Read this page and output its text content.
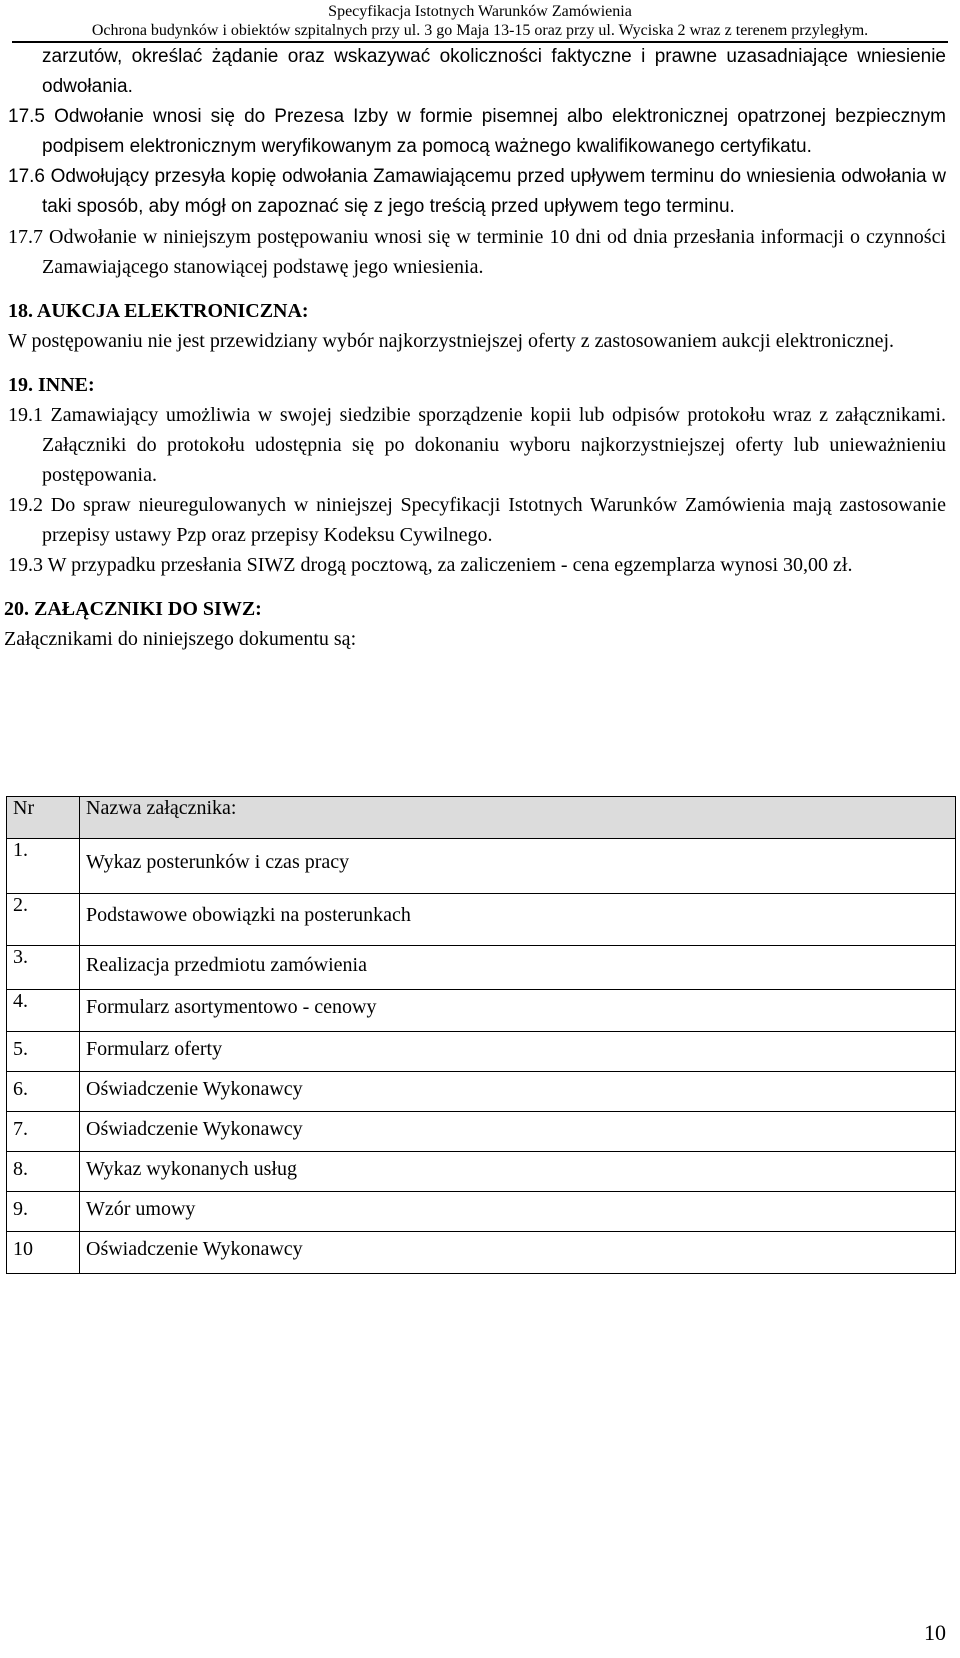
Specyfikacja Istotnych Warunków Zamówienia
Ochrona budynków i obiektów szpitalnych przy ul. 3 go Maja 13-15 oraz przy ul. Wyciska 2 wraz z terenem przyległym.
zarzutów, określać żądanie oraz wskazywać okoliczności faktyczne i prawne uzasadniające wniesienie odwołania.
17.5 Odwołanie wnosi się do Prezesa Izby w formie pisemnej albo elektronicznej opatrzonej bezpiecznym podpisem elektronicznym weryfikowanym za pomocą ważnego kwalifikowanego certyfikatu.
17.6 Odwołujący przesyła kopię odwołania Zamawiającemu przed upływem terminu do wniesienia odwołania w taki sposób, aby mógł on zapoznać się z jego treścią przed upływem tego terminu.
17.7 Odwołanie w niniejszym postępowaniu wnosi się w terminie 10 dni od dnia przesłania informacji o czynności Zamawiającego stanowiącej podstawę jego wniesienia.
18. AUKCJA ELEKTRONICZNA:
W postępowaniu nie jest przewidziany wybór najkorzystniejszej oferty z zastosowaniem aukcji elektronicznej.
19. INNE:
19.1 Zamawiający umożliwia w swojej siedzibie sporządzenie kopii lub odpisów protokołu wraz z załącznikami. Załączniki do protokołu udostępnia się po dokonaniu wyboru najkorzystniejszej oferty lub unieważnieniu postępowania.
19.2 Do spraw nieuregulowanych w niniejszej Specyfikacji Istotnych Warunków Zamówienia mają zastosowanie przepisy ustawy Pzp oraz przepisy Kodeksu Cywilnego.
19.3 W przypadku przesłania SIWZ drogą pocztową, za zaliczeniem - cena egzemplarza wynosi 30,00 zł.
20. ZAŁĄCZNIKI DO SIWZ:
Załącznikami do niniejszego dokumentu są:
Nr	Nazwa załącznika:
1.	Wykaz posterunków i czas pracy
2.	Podstawowe obowiązki na posterunkach
3.	Realizacja przedmiotu zamówienia
4.	Formularz asortymentowo - cenowy
5.	Formularz oferty
6.	Oświadczenie Wykonawcy
7.	Oświadczenie Wykonawcy
8.	Wykaz wykonanych usług
9.	Wzór umowy
10	Oświadczenie Wykonawcy
10
